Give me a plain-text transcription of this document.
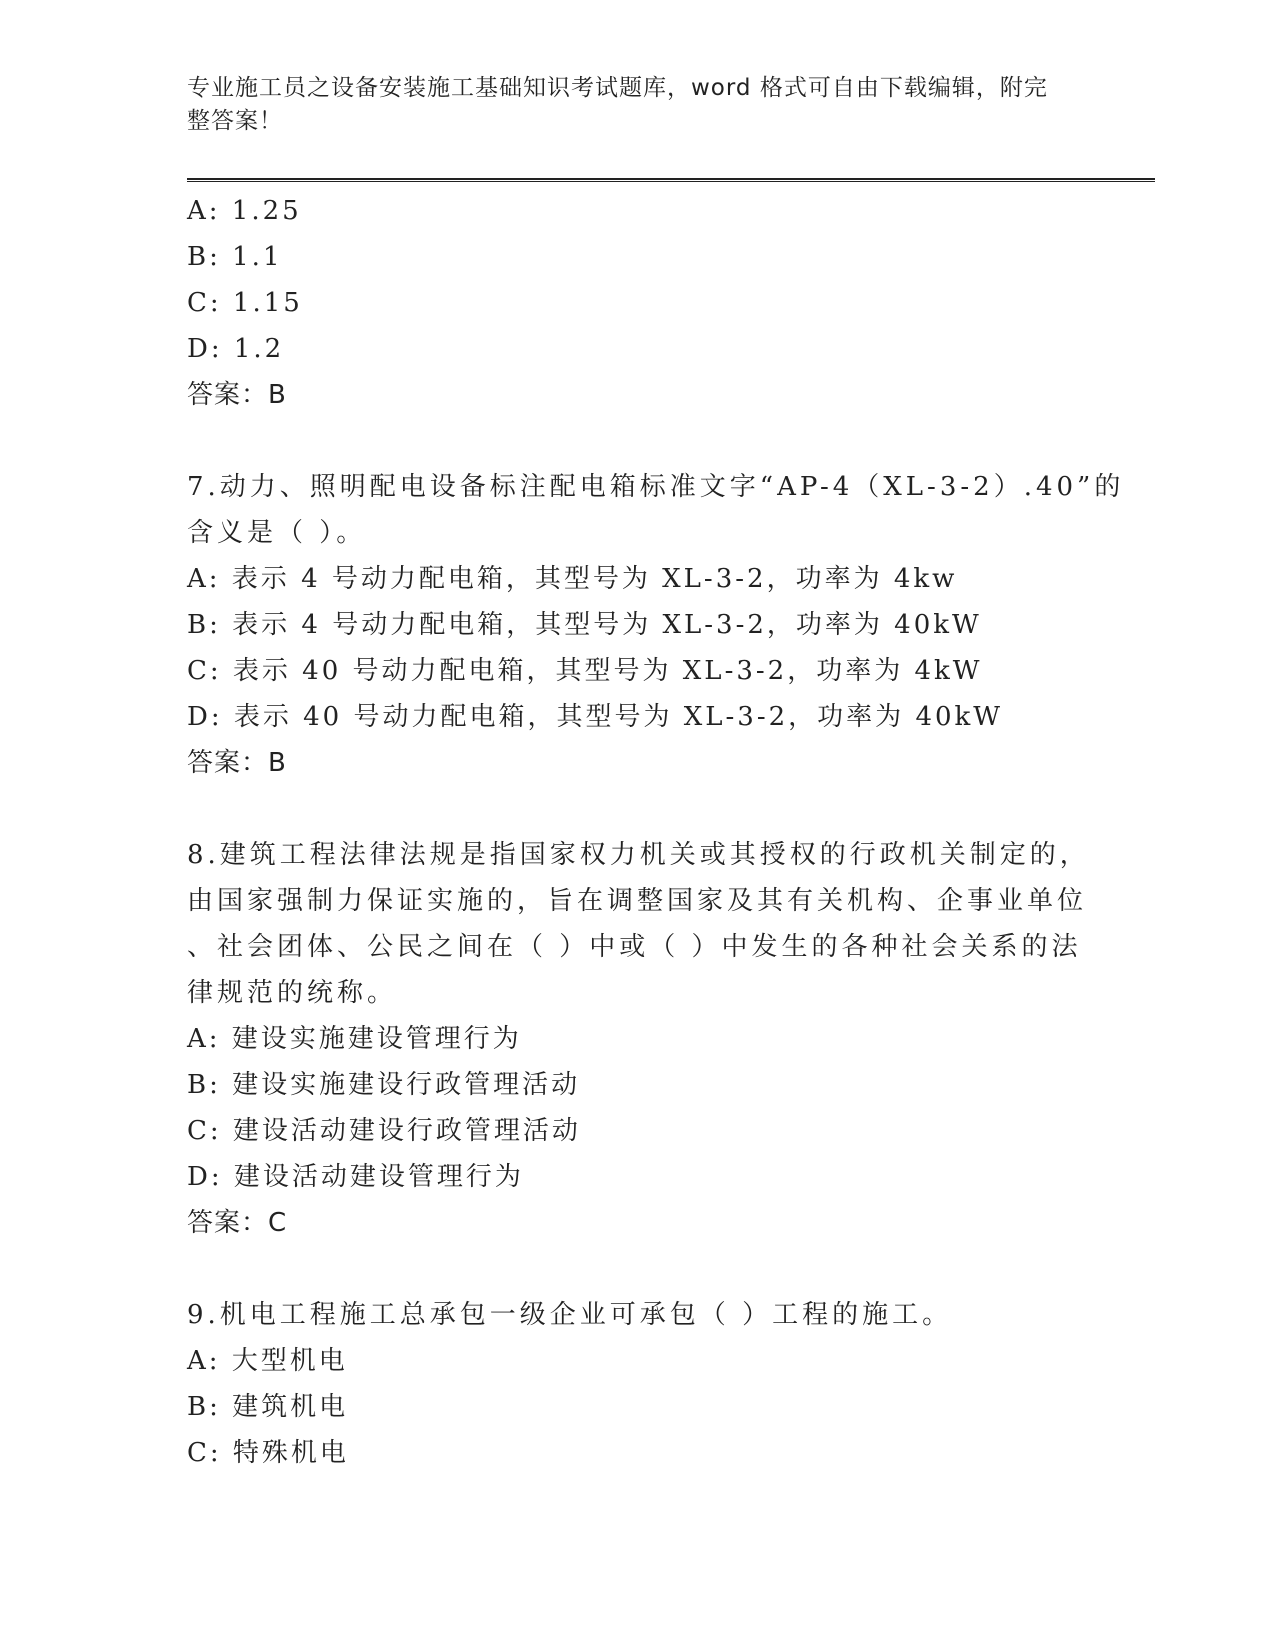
专业施工员之设备安装施工基础知识考试题库，word 格式可自由下载编辑，附完
整答案！
A: 1.25
B: 1.1
C: 1.15
D: 1.2
答案：B
7.动力、照明配电设备标注配电箱标准文字“AP-4（XL-3-2）.40”的
含义是（ ）。
A: 表示 4 号动力配电箱，其型号为 XL-3-2，功率为 4kw
B: 表示 4 号动力配电箱，其型号为 XL-3-2，功率为 40kW
C: 表示 40 号动力配电箱，其型号为 XL-3-2，功率为 4kW
D: 表示 40 号动力配电箱，其型号为 XL-3-2，功率为 40kW
答案：B
8.建筑工程法律法规是指国家权力机关或其授权的行政机关制定的，
由国家强制力保证实施的，旨在调整国家及其有关机构、企事业单位
、社会团体、公民之间在（ ）中或（ ）中发生的各种社会关系的法
律规范的统称。
A: 建设实施建设管理行为
B: 建设实施建设行政管理活动
C: 建设活动建设行政管理活动
D: 建设活动建设管理行为
答案：C
9.机电工程施工总承包一级企业可承包（ ）工程的施工。
A: 大型机电
B: 建筑机电
C: 特殊机电
